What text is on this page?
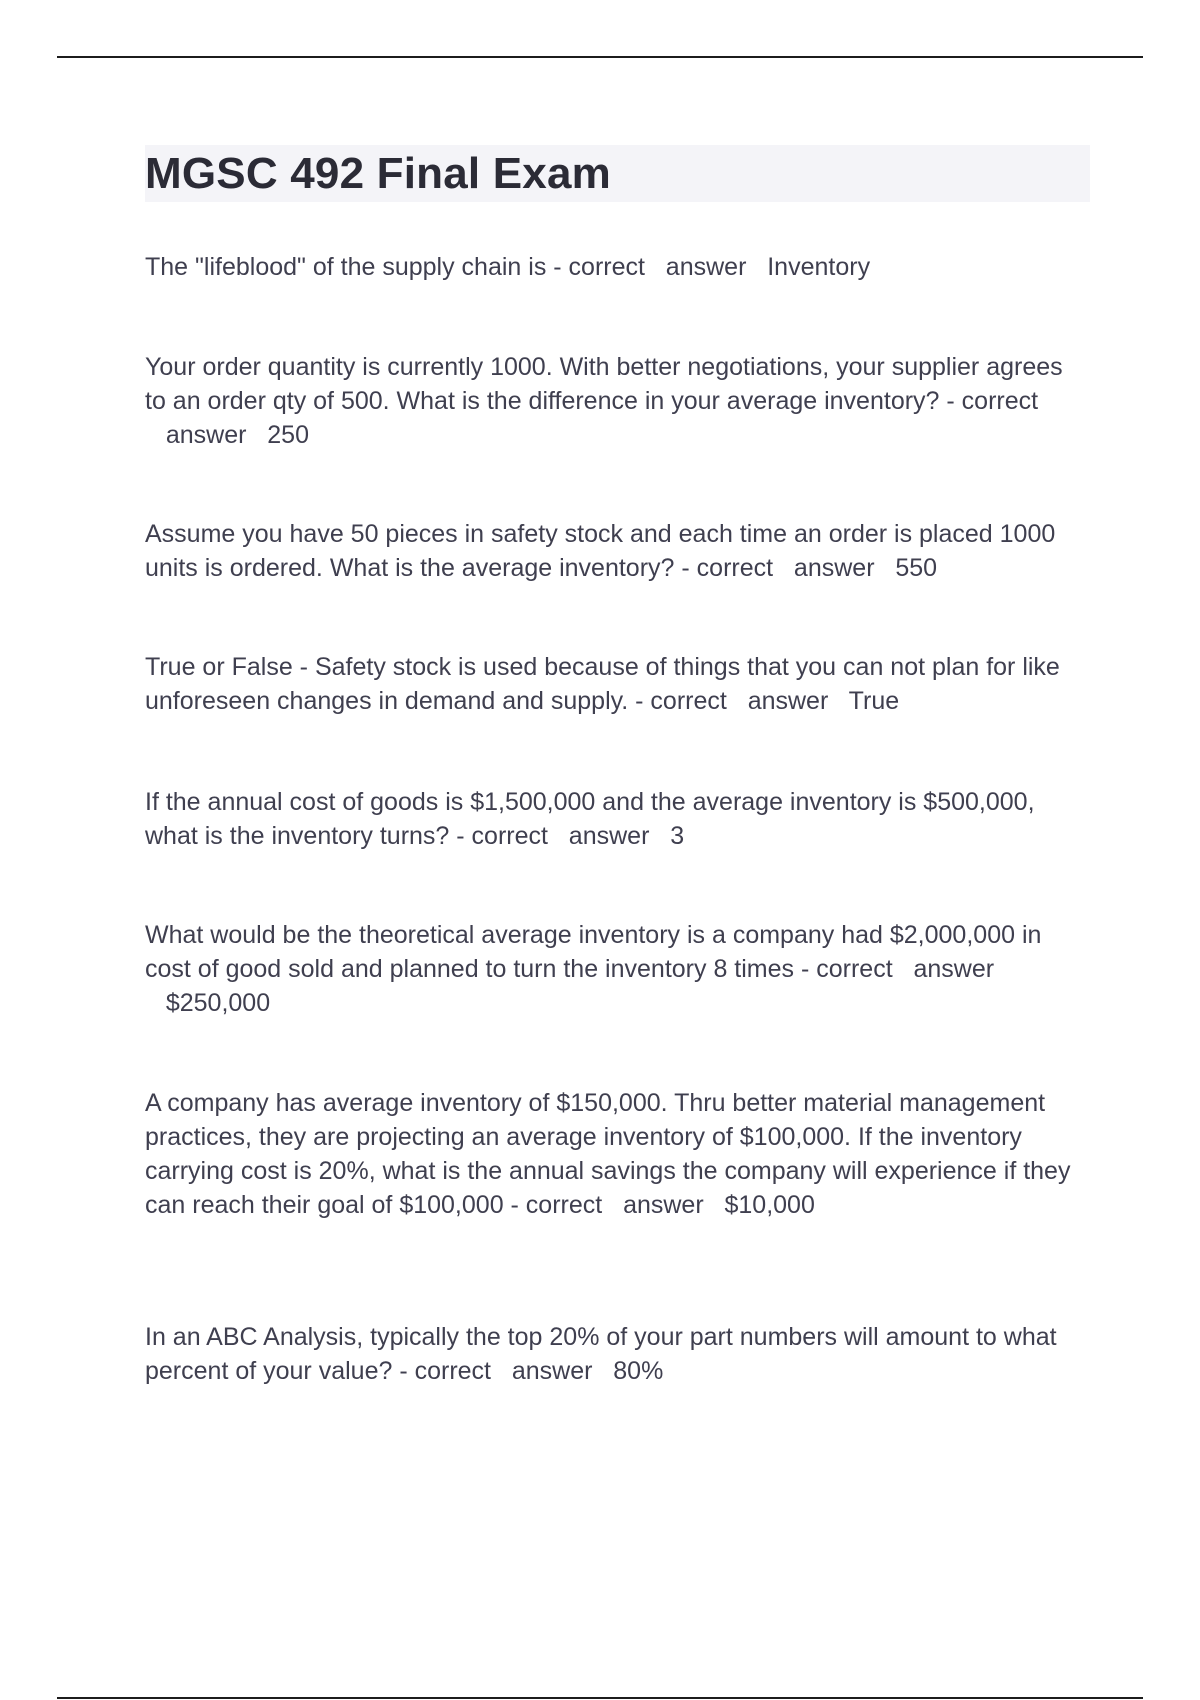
MGSC 492 Final Exam

The "lifeblood" of the supply chain is - correct answer Inventory

Your order quantity is currently 1000. With better negotiations, your supplier agrees to an order qty of 500. What is the difference in your average inventory? - correct   answer 250

Assume you have 50 pieces in safety stock and each time an order is placed 1000 units is ordered. What is the average inventory? - correct answer 550

True or False - Safety stock is used because of things that you can not plan for like unforeseen changes in demand and supply. - correct answer True

If the annual cost of goods is $1,500,000 and the average inventory is $500,000, what is the inventory turns? - correct answer 3

What would be the theoretical average inventory is a company had $2,000,000 in cost of good sold and planned to turn the inventory 8 times - correct answer   $250,000

A company has average inventory of $150,000. Thru better material management practices, they are projecting an average inventory of $100,000. If the inventory carrying cost is 20%, what is the annual savings the company will experience if they can reach their goal of $100,000 - correct answer $10,000

In an ABC Analysis, typically the top 20% of your part numbers will amount to what percent of your value? - correct answer 80%
